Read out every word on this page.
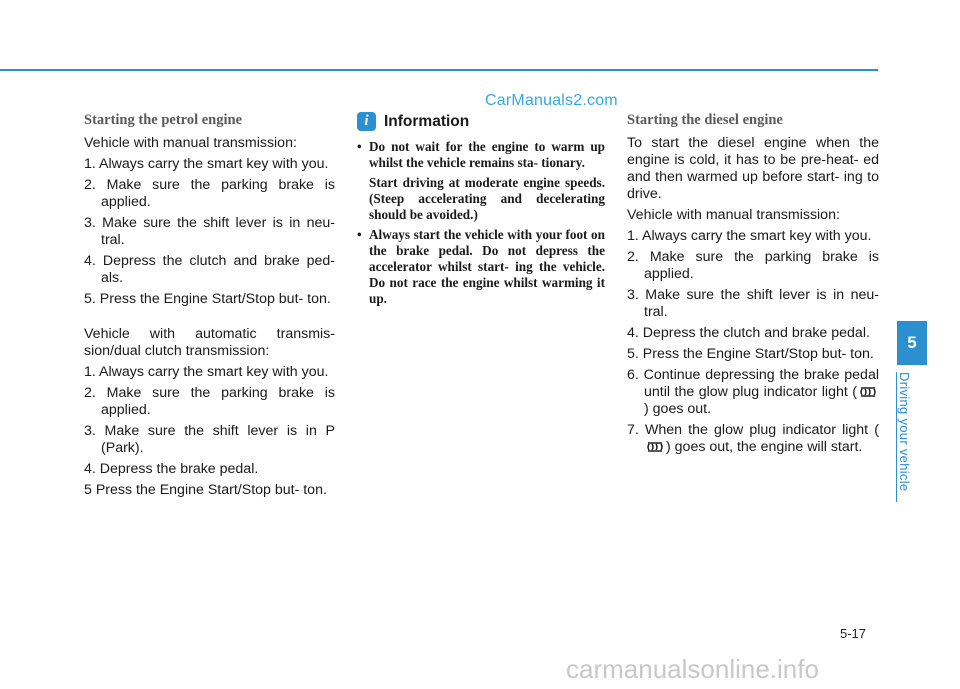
CarManuals2.com
Starting the petrol engine
Vehicle with manual transmission:
1. Always carry the smart key with you.
2. Make sure the parking brake is applied.
3. Make sure the shift lever is in neu- tral.
4. Depress the clutch and brake ped- als.
5. Press the Engine Start/Stop but- ton.
Vehicle with automatic transmis- sion/dual clutch transmission:
1. Always carry the smart key with you.
2. Make sure the parking brake is applied.
3. Make sure the shift lever is in P (Park).
4. Depress the brake pedal.
5 Press the Engine Start/Stop but- ton.
i Information
• Do not wait for the engine to warm up whilst the vehicle remains sta- tionary.
Start driving at moderate engine speeds. (Steep accelerating and decelerating should be avoided.)
• Always start the vehicle with your foot on the brake pedal. Do not depress the accelerator whilst start- ing the vehicle. Do not race the engine whilst warming it up.
Starting the diesel engine
To start the diesel engine when the engine is cold, it has to be pre-heat- ed and then warmed up before start- ing to drive.
Vehicle with manual transmission:
1. Always carry the smart key with you.
2. Make sure the parking brake is applied.
3. Make sure the shift lever is in neu- tral.
4. Depress the clutch and brake pedal.
5. Press the Engine Start/Stop but- ton.
6. Continue depressing the brake pedal until the glow plug indicator light () goes out.
7. When the glow plug indicator light () goes out, the engine will start.
5
Driving your vehicle
5-17
carmanualsonline.info
